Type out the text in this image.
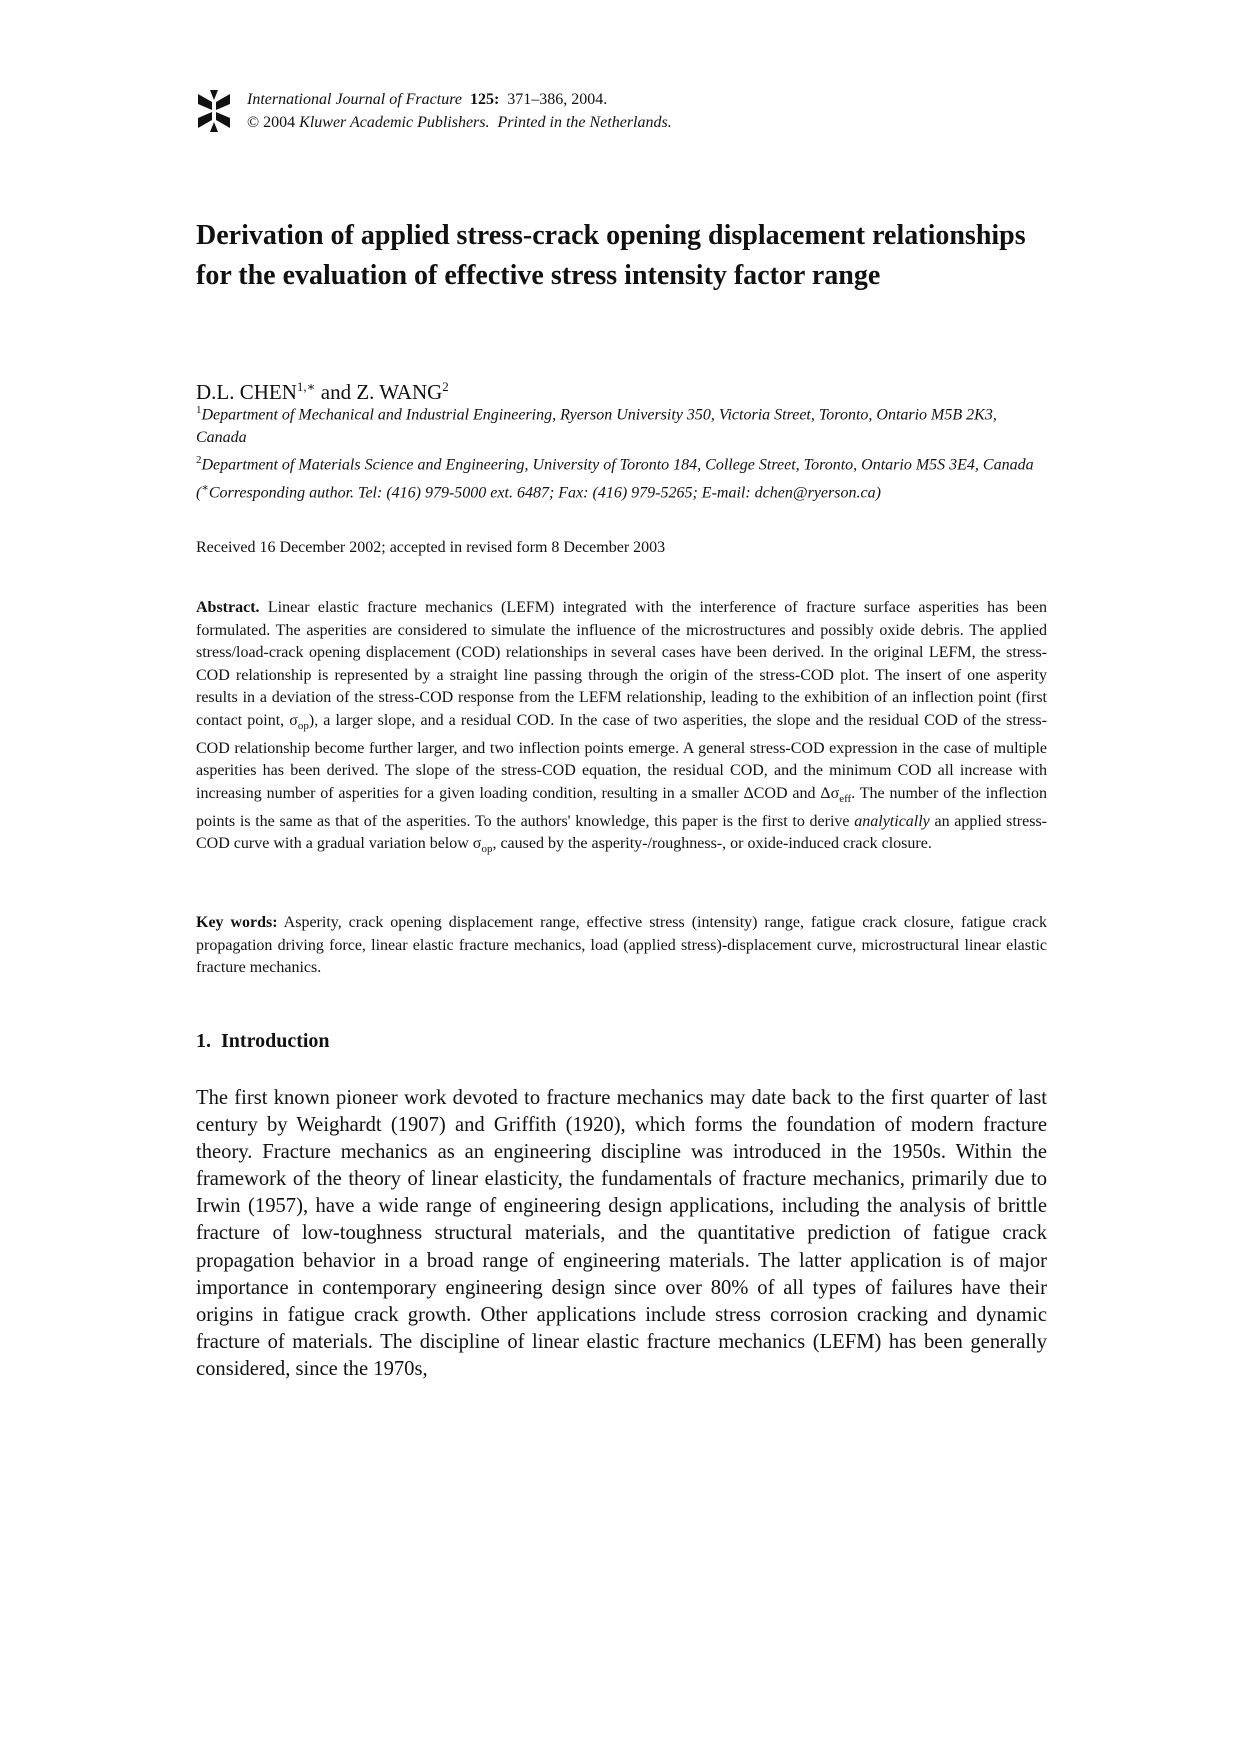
International Journal of Fracture 125: 371–386, 2004.
© 2004 Kluwer Academic Publishers. Printed in the Netherlands.
Derivation of applied stress-crack opening displacement relationships for the evaluation of effective stress intensity factor range
D.L. $CHEN^{1,∗}$ and Z. WANG$^2$
$^1$Department of Mechanical and Industrial Engineering, Ryerson University 350, Victoria Street, Toronto, Ontario M5B 2K3, Canada
$^2$Department of Materials Science and Engineering, University of Toronto 184, College Street, Toronto, Ontario M5S 3E4, Canada
(∗Corresponding author. Tel: (416) 979-5000 ext. 6487; Fax: (416) 979-5265; E-mail: dchen@ryerson.ca)
Received 16 December 2002; accepted in revised form 8 December 2003

Abstract. Linear elastic fracture mechanics (LEFM) integrated with the interference of fracture surface asperities has been formulated. The asperities are considered to simulate the influence of the microstructures and possibly oxide debris. The applied stress/load-crack opening displacement (COD) relationships in several cases have been derived. In the original LEFM, the stress-COD relationship is represented by a straight line passing through the origin of the stress-COD plot. The insert of one asperity results in a deviation of the stress-COD response from the LEFM relationship, leading to the exhibition of an inflection point (first contact point, $\sigma_{op}$), a larger slope, and a residual COD. In the case of two asperities, the slope and the residual COD of the stress-COD relationship become further larger, and two inflection points emerge. A general stress-COD expression in the case of multiple asperities has been derived. The slope of the stress-COD equation, the residual COD, and the minimum COD all increase with increasing number of asperities for a given loading condition, resulting in a smaller ΔCOD and $\Delta\sigma_{eff}$. The number of the inflection points is the same as that of the asperities. To the authors' knowledge, this paper is the first to derive analytically an applied stress-COD curve with a gradual variation below $\sigma_{op}$, caused by the asperity-/roughness-, or oxide-induced crack closure.

Key words: Asperity, crack opening displacement range, effective stress (intensity) range, fatigue crack closure, fatigue crack propagation driving force, linear elastic fracture mechanics, load (applied stress)-displacement curve, microstructural linear elastic fracture mechanics.

1. Introduction

The first known pioneer work devoted to fracture mechanics may date back to the first quarter of last century by Weighardt (1907) and Griffith (1920), which forms the foundation of modern fracture theory. Fracture mechanics as an engineering discipline was introduced in the 1950s. Within the framework of the theory of linear elasticity, the fundamentals of fracture mechanics, primarily due to Irwin (1957), have a wide range of engineering design applications, including the analysis of brittle fracture of low-toughness structural materials, and the quantitative prediction of fatigue crack propagation behavior in a broad range of engineering materials. The latter application is of major importance in contemporary engineering design since over 80% of all types of failures have their origins in fatigue crack growth. Other applications include stress corrosion cracking and dynamic fracture of materials. The discipline of linear elastic fracture mechanics (LEFM) has been generally considered, since the 1970s,
